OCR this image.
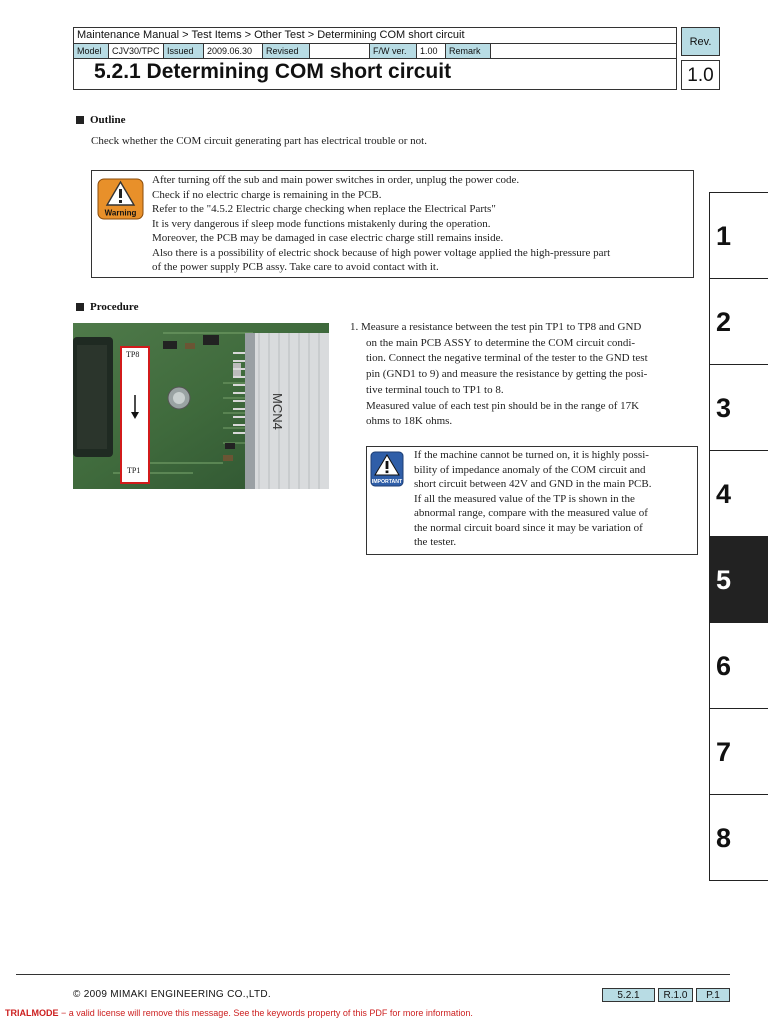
Maintenance Manual > Test Items > Other Test > Determining COM short circuit
Model	CJV30/TPC Issued	2009.06.30	Revised	F/W ver.	1.00	Remark
5.2.1 Determining COM short circuit
Rev.
1.0
Outline
Check whether the COM circuit generating part has electrical trouble or not.
Warning
After turning off the sub and main power switches in order, unplug the power code.
Check if no electric charge is remaining in the PCB.
Refer to the "4.5.2 Electric charge checking when replace the Electrical Parts"
It is very dangerous if sleep mode functions mistakenly during the operation.
Moreover, the PCB may be damaged in case electric charge still remains inside.
Also there is a possibility of electric shock because of high power voltage applied the high-pressure part
of the power supply PCB assy. Take care to avoid contact with it.
Procedure
MCN4
TP8
TP1
1. Measure a resistance between the test pin TP1 to TP8 and GND
on the main PCB ASSY to determine the COM circuit condi-
tion. Connect the negative terminal of the tester to the GND test
pin (GND1 to 9) and measure the resistance by getting the posi-
tive terminal touch to TP1 to 8.
Measured value of each test pin should be in the range of 17K
ohms to 18K ohms.
IMPORTANT
If the machine cannot be turned on, it is highly possi-
bility of impedance anomaly of the COM circuit and
short circuit between 42V and GND in the main PCB.
If all the measured value of the TP is shown in the
abnormal range, compare with the measured value of
the normal circuit board since it may be variation of
the tester.
1
2
3
4
5
6
7
8
© 2009 MIMAKI ENGINEERING CO.,LTD.	5.2.1	R.1.0	P.1
TRIALMODE − a valid license will remove this message. See the keywords property of this PDF for more information.
